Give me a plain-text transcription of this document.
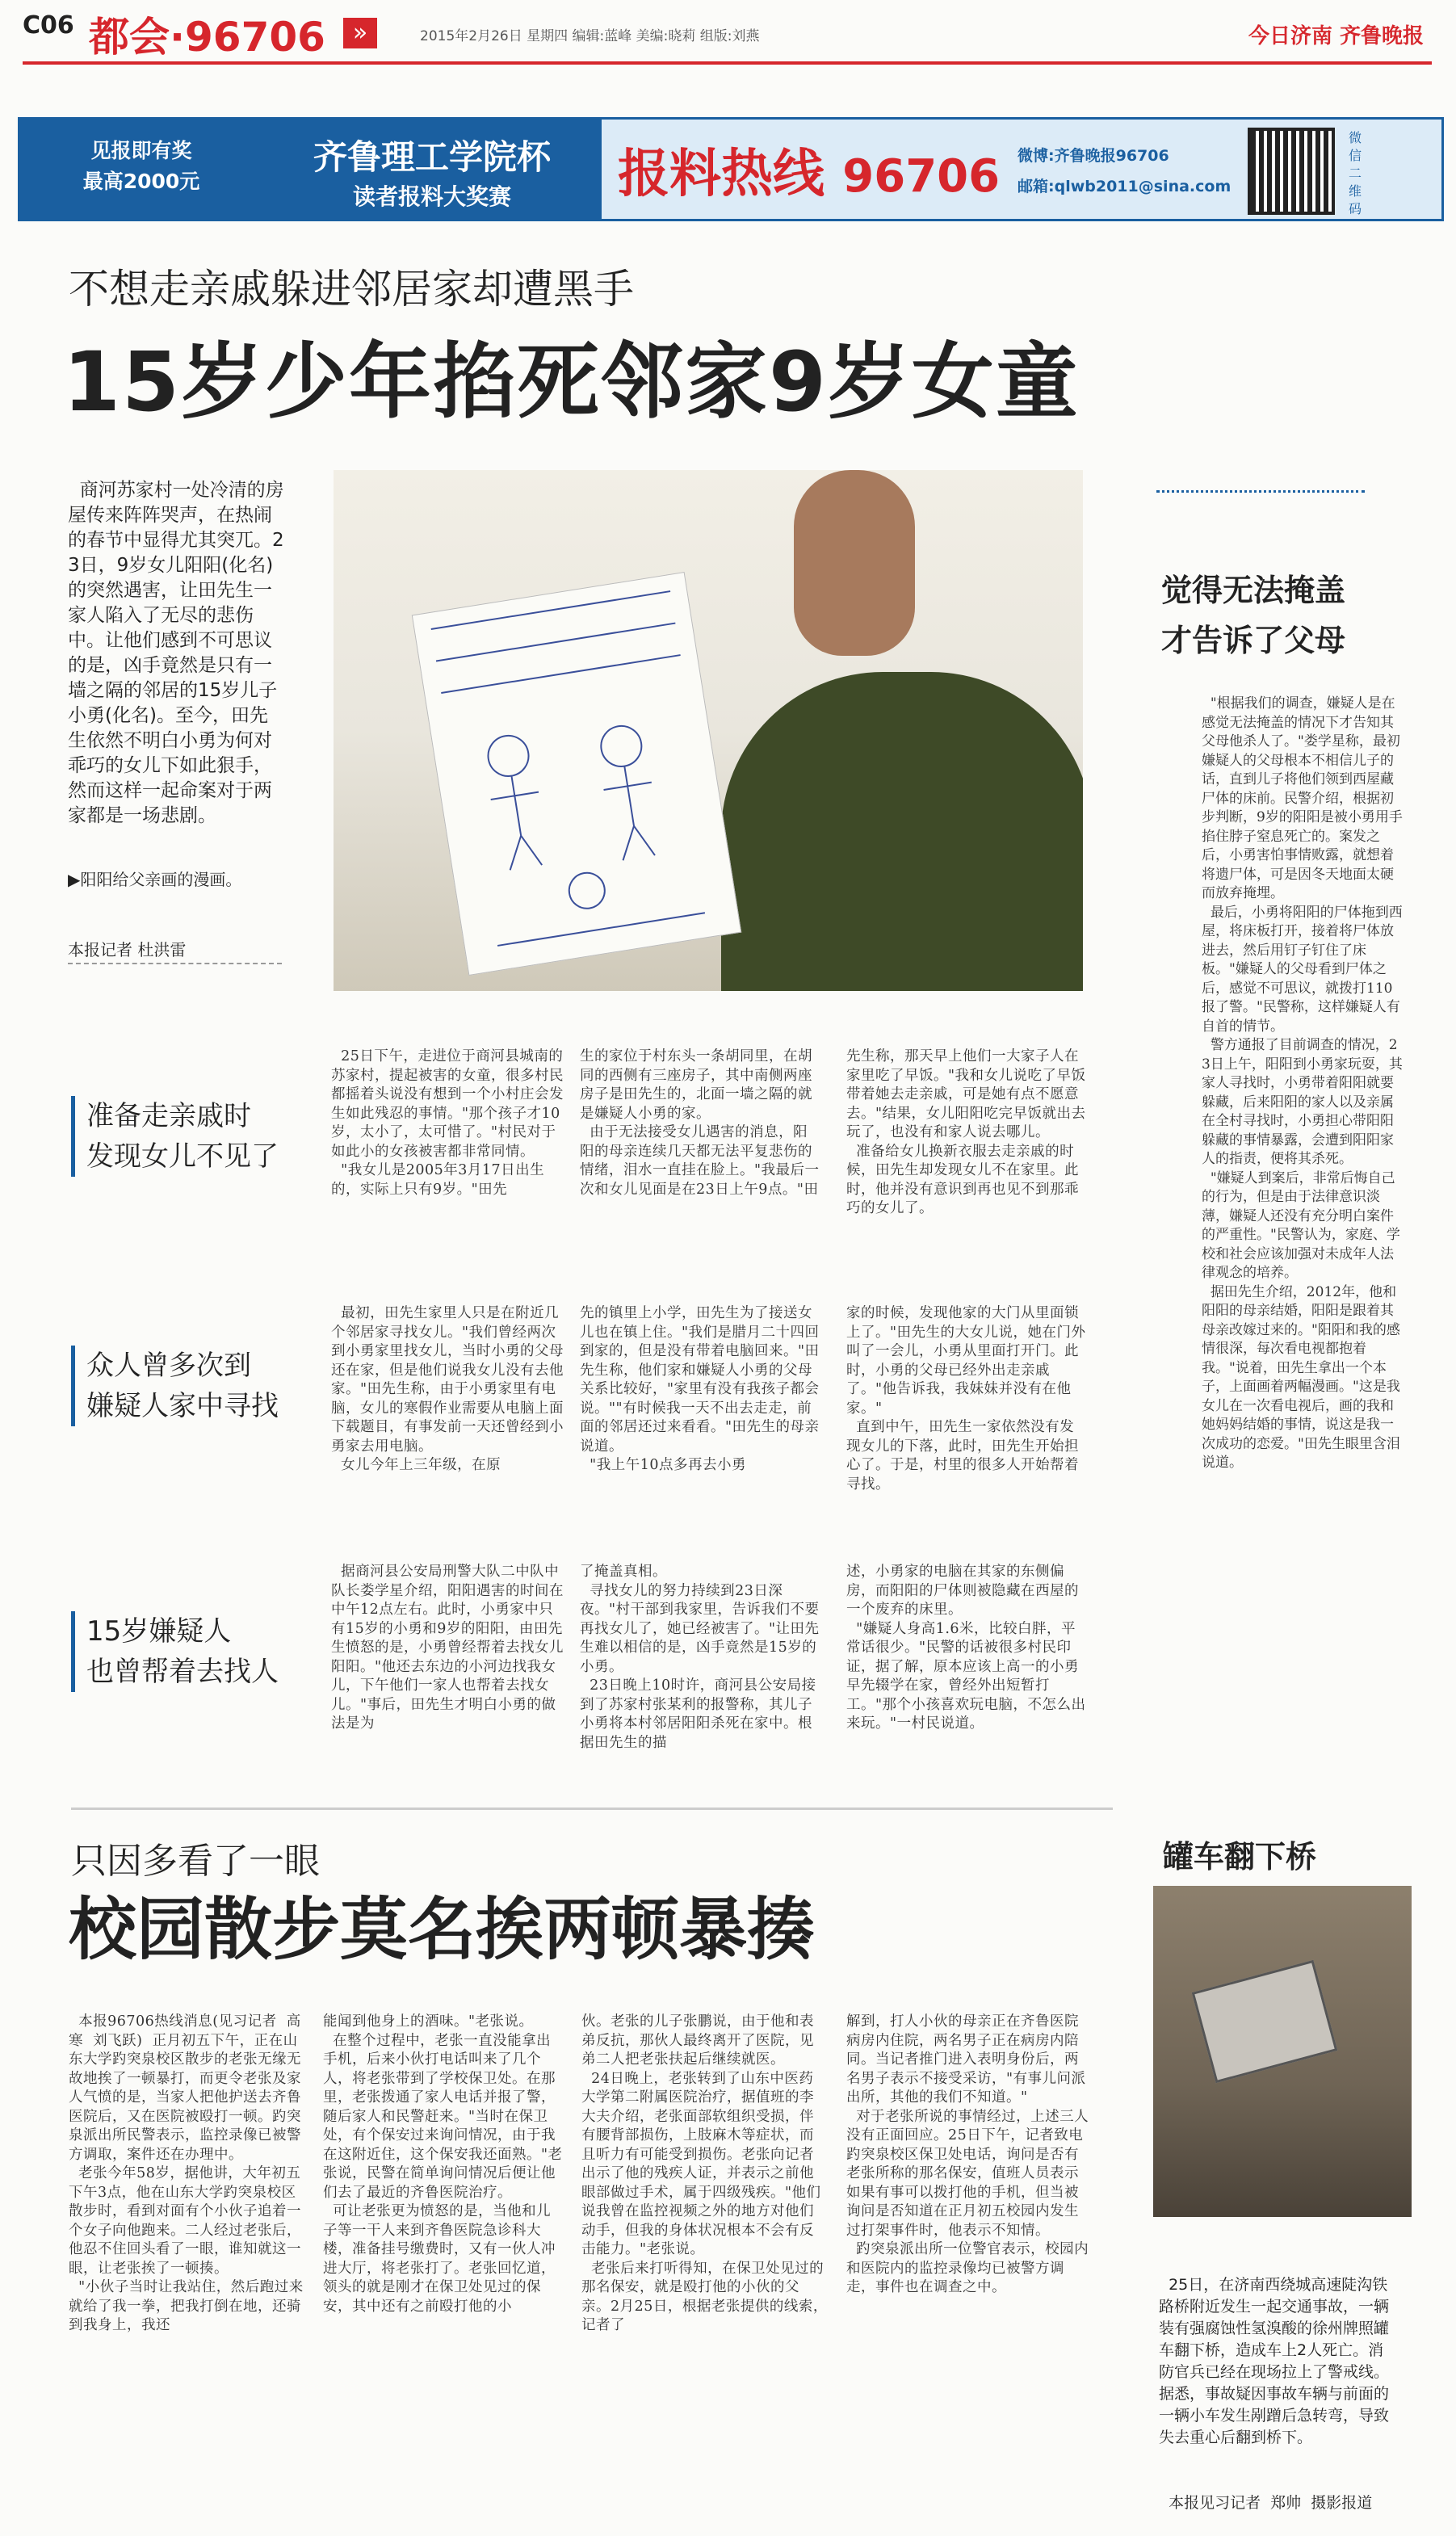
C06 都会·96706	»	2015年2月26日 星期四 编辑:蓝峰 美编:晓莉 组版:刘燕	今日济南 齐鲁晚报
见报即有奖
最高2000元
齐鲁理工学院杯
读者报料大奖赛	报料热线 96706 微博:齐鲁晚报96706
邮箱:qlwb2011@sina.com
微信二维码
不想走亲戚躲进邻居家却遭黑手
15岁少年掐死邻家9岁女童
商河苏家村一处冷清的房屋传来阵阵哭声，在热闹的春节中显得尤其突兀。23日，9岁女儿阳阳(化名)的突然遇害，让田先生一家人陷入了无尽的悲伤中。让他们感到不可思议的是，凶手竟然是只有一墙之隔的邻居的15岁儿子小勇(化名)。至今，田先生依然不明白小勇为何对乖巧的女儿下如此狠手，然而这样一起命案对于两家都是一场悲剧。
▶阳阳给父亲画的漫画。
本报记者 杜洪雷
准备走亲戚时
发现女儿不见了
众人曾多次到
嫌疑人家中寻找
15岁嫌疑人
也曾帮着去找人
25日下午，走进位于商河县城南的苏家村，提起被害的女童，很多村民都摇着头说没有想到一个小村庄会发生如此残忍的事情。"那个孩子才10岁，太小了，太可惜了。"村民对于如此小的女孩被害都非常同情。
"我女儿是2005年3月17日出生的，实际上只有9岁。"田先
生的家位于村东头一条胡同里，在胡同的西侧有三座房子，其中南侧两座房子是田先生的，北面一墙之隔的就是嫌疑人小勇的家。
由于无法接受女儿遇害的消息，阳阳的母亲连续几天都无法平复悲伤的情绪，泪水一直挂在脸上。"我最后一次和女儿见面是在23日上午9点。"田
先生称，那天早上他们一大家子人在家里吃了早饭。"我和女儿说吃了早饭带着她去走亲戚，可是她有点不愿意去。"结果，女儿阳阳吃完早饭就出去玩了，也没有和家人说去哪儿。
准备给女儿换新衣服去走亲戚的时候，田先生却发现女儿不在家里。此时，他并没有意识到再也见不到那乖巧的女儿了。
最初，田先生家里人只是在附近几个邻居家寻找女儿。"我们曾经两次到小勇家里找女儿，当时小勇的父母还在家，但是他们说我女儿没有去他家。"田先生称，由于小勇家里有电脑，女儿的寒假作业需要从电脑上面下载题目，有事发前一天还曾经到小勇家去用电脑。
女儿今年上三年级，在原
先的镇里上小学，田先生为了接送女儿也在镇上住。"我们是腊月二十四回到家的，但是没有带着电脑回来。"田先生称，他们家和嫌疑人小勇的父母关系比较好，"家里有没有我孩子都会说。""有时候我一天不出去走走，前面的邻居还过来看看。"田先生的母亲说道。
"我上午10点多再去小勇
家的时候，发现他家的大门从里面锁上了。"田先生的大女儿说，她在门外叫了一会儿，小勇从里面打开门。此时，小勇的父母已经外出走亲戚了。"他告诉我，我妹妹并没有在他家。"
直到中午，田先生一家依然没有发现女儿的下落，此时，田先生开始担心了。于是，村里的很多人开始帮着寻找。
据商河县公安局刑警大队二中队中队长娄学星介绍，阳阳遇害的时间在中午12点左右。此时，小勇家中只有15岁的小勇和9岁的阳阳，由田先生愤怒的是，小勇曾经帮着去找女儿阳阳。"他还去东边的小河边找我女儿，下午他们一家人也帮着去找女儿。"事后，田先生才明白小勇的做法是为
了掩盖真相。
寻找女儿的努力持续到23日深夜。"村干部到我家里，告诉我们不要再找女儿了，她已经被害了。"让田先生难以相信的是，凶手竟然是15岁的小勇。
23日晚上10时许，商河县公安局接到了苏家村张某利的报警称，其儿子小勇将本村邻居阳阳杀死在家中。根据田先生的描
述，小勇家的电脑在其家的东侧偏房，而阳阳的尸体则被隐藏在西屋的一个废弃的床里。
"嫌疑人身高1.6米，比较白胖，平常话很少。"民警的话被很多村民印证，据了解，原本应该上高一的小勇早先辍学在家，曾经外出短暂打工。"那个小孩喜欢玩电脑，不怎么出来玩。"一村民说道。
觉得无法掩盖
才告诉了父母
"根据我们的调查，嫌疑人是在感觉无法掩盖的情况下才告知其父母他杀人了。"娄学星称，最初嫌疑人的父母根本不相信儿子的话，直到儿子将他们领到西屋藏尸体的床前。民警介绍，根据初步判断，9岁的阳阳是被小勇用手掐住脖子窒息死亡的。案发之后，小勇害怕事情败露，就想着将遗尸体，可是因冬天地面太硬而放弃掩埋。
最后，小勇将阳阳的尸体拖到西屋，将床板打开，接着将尸体放进去，然后用钉子钉住了床板。"嫌疑人的父母看到尸体之后，感觉不可思议，就拨打110报了警。"民警称，这样嫌疑人有自首的情节。
警方通报了目前调查的情况，23日上午，阳阳到小勇家玩耍，其家人寻找时，小勇带着阳阳就要躲藏，后来阳阳的家人以及亲属在全村寻找时，小勇担心带阳阳躲藏的事情暴露，会遭到阳阳家人的指责，便将其杀死。
"嫌疑人到案后，非常后悔自己的行为，但是由于法律意识淡薄，嫌疑人还没有充分明白案件的严重性。"民警认为，家庭、学校和社会应该加强对未成年人法律观念的培养。
据田先生介绍，2012年，他和阳阳的母亲结婚，阳阳是跟着其母亲改嫁过来的。"阳阳和我的感情很深，每次看电视都抱着我。"说着，田先生拿出一个本子，上面画着两幅漫画。"这是我女儿在一次看电视后，画的我和她妈妈结婚的事情，说这是我一次成功的恋爱。"田先生眼里含泪说道。
只因多看了一眼
校园散步莫名挨两顿暴揍
本报96706热线消息(见习记者  高寒  刘飞跃)  正月初五下午，正在山东大学趵突泉校区散步的老张无缘无故地挨了一顿暴打，而更令老张及家人气愤的是，当家人把他护送去齐鲁医院后，又在医院被殴打一顿。趵突泉派出所民警表示，监控录像已被警方调取，案件还在办理中。
老张今年58岁，据他讲，大年初五下午3点，他在山东大学趵突泉校区散步时，看到对面有个小伙子追着一个女子向他跑来。二人经过老张后，他忍不住回头看了一眼，谁知就这一眼，让老张挨了一顿揍。
"小伙子当时让我站住，然后跑过来就给了我一拳，把我打倒在地，还骑到我身上，我还
能闻到他身上的酒味。"老张说。
在整个过程中，老张一直没能拿出手机，后来小伙打电话叫来了几个人，将老张带到了学校保卫处。在那里，老张拨通了家人电话并报了警，随后家人和民警赶来。"当时在保卫处，有个保安过来询问情况，由于我在这附近住，这个保安我还面熟。"老张说，民警在简单询问情况后便让他们去了最近的齐鲁医院治疗。
可让老张更为愤怒的是，当他和儿子等一干人来到齐鲁医院急诊科大楼，准备挂号缴费时，又有一伙人冲进大厅，将老张打了。老张回忆道，领头的就是刚才在保卫处见过的保安，其中还有之前殴打他的小
伙。老张的儿子张鹏说，由于他和表弟反抗，那伙人最终离开了医院，见弟二人把老张扶起后继续就医。
24日晚上，老张转到了山东中医药大学第二附属医院治疗，据值班的李大夫介绍，老张面部软组织受损，伴有腰背部损伤，上肢麻木等症状，而且听力有可能受到损伤。老张向记者出示了他的残疾人证，并表示之前他眼部做过手术，属于四级残疾。"他们说我曾在监控视频之外的地方对他们动手，但我的身体状况根本不会有反击能力。"老张说。
老张后来打听得知，在保卫处见过的那名保安，就是殴打他的小伙的父亲。2月25日，根据老张提供的线索，记者了
解到，打人小伙的母亲正在齐鲁医院病房内住院，两名男子正在病房内陪同。当记者推门进入表明身份后，两名男子表示不接受采访，"有事儿问派出所，其他的我们不知道。"
对于老张所说的事情经过，上述三人没有正面回应。25日下午，记者致电趵突泉校区保卫处电话，询问是否有老张所称的那名保安，值班人员表示如果有事可以拨打他的手机，但当被询问是否知道在正月初五校园内发生过打架事件时，他表示不知情。
趵突泉派出所一位警官表示，校园内和医院内的监控录像均已被警方调走，事件也在调查之中。
罐车翻下桥

25日，在济南西绕城高速陡沟铁路桥附近发生一起交通事故，一辆装有强腐蚀性氢溴酸的徐州牌照罐车翻下桥，造成车上2人死亡。消防官兵已经在现场拉上了警戒线。据悉，事故疑因事故车辆与前面的一辆小车发生剐蹭后急转弯，导致失去重心后翻到桥下。

本报见习记者  郑帅  摄影报道
